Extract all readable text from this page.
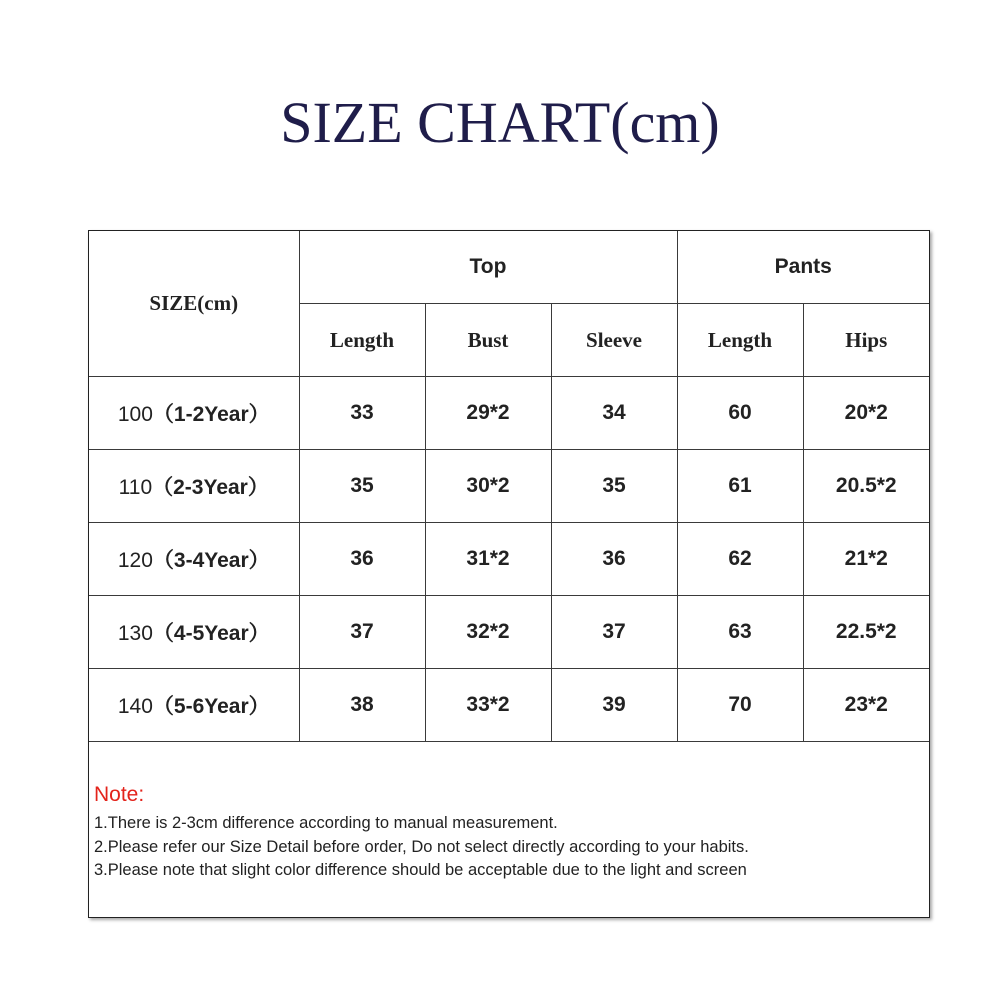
SIZE CHART(cm)
SIZE(cm)	Top			Pants	
	Length	Bust	Sleeve	Length	Hips
100（1-2Year）	33	29*2	34	60	20*2
110（2-3Year）	35	30*2	35	61	20.5*2
120（3-4Year）	36	31*2	36	62	21*2
130（4-5Year）	37	32*2	37	63	22.5*2
140（5-6Year）	38	33*2	39	70	23*2

Note:

1.There is 2-3cm difference according to manual measurement.

2.Please refer our Size Detail before order, Do not select directly according to your habits.

3.Please note that slight color difference should be acceptable due to the light and screen
